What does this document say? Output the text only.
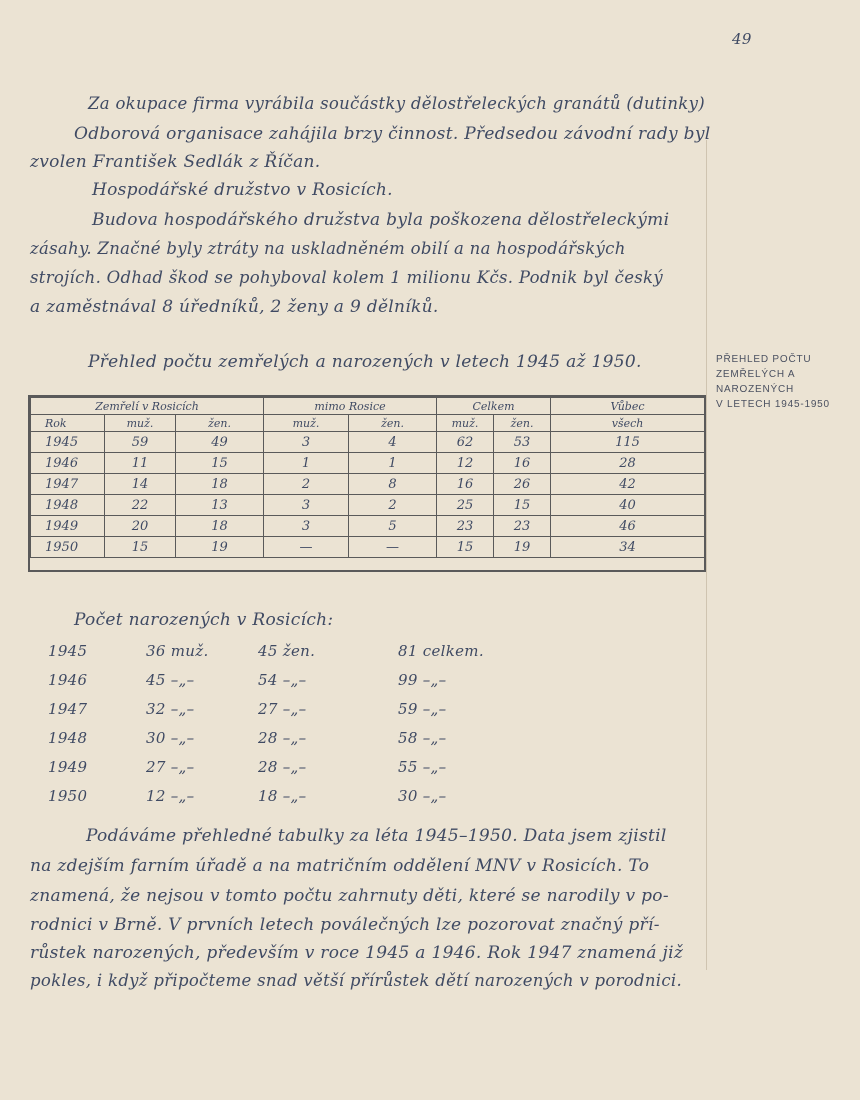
49
Za okupace firma vyrábila součástky dělostřeleckých granátů (dutinky)
Odborová organisace zahájila brzy činnost. Předsedou závodní rady byl
zvolen František Sedlák z Říčan.
Hospodářské družstvo v Rosicích.
Budova hospodářského družstva byla poškozena dělostřeleckými
zásahy. Značné byly ztráty na uskladněném obilí a na hospodářských
strojích. Odhad škod se pohyboval kolem 1 milionu Kčs. Podnik byl český
a zaměstnával 8 úředníků, 2 ženy a 9 dělníků.
Přehled počtu zemřelých a narozených v letech 1945 až 1950.	PŘEHLED POČTU
ZEMŘELÝCH A
NAROZENÝCH
V LETECH 1945-1950
Zemřelí v Rosicích			mimo Rosice		Celkem		Vůbec
Rok	muž.	žen.	muž.	žen.	muž.	žen.	všech
1945	59	49	3	4	62	53	115
1946	11	15	1	1	12	16	28
1947	14	18	2	8	16	26	42
1948	22	13	3	2	25	15	40
1949	20	18	3	5	23	23	46
1950	15	19	—	—	15	19	34
Počet narozených v Rosicích:
1945	36 muž.	45 žen.	81 celkem.
1946	45 –„–	54 –„–	99 –„–
1947	32 –„–	27 –„–	59 –„–
1948	30 –„–	28 –„–	58 –„–
1949	27 –„–	28 –„–	55 –„–
1950	12 –„–	18 –„–	30 –„–
Podáváme přehledné tabulky za léta 1945–1950. Data jsem zjistil
na zdejším farním úřadě a na matričním oddělení MNV v Rosicích. To
znamená, že nejsou v tomto počtu zahrnuty děti, které se narodily v po-
rodnici v Brně. V prvních letech poválečných lze pozorovat značný pří-
růstek narozených, především v roce 1945 a 1946. Rok 1947 znamená již
pokles, i když připočteme snad větší přírůstek dětí narozených v porodnici.
